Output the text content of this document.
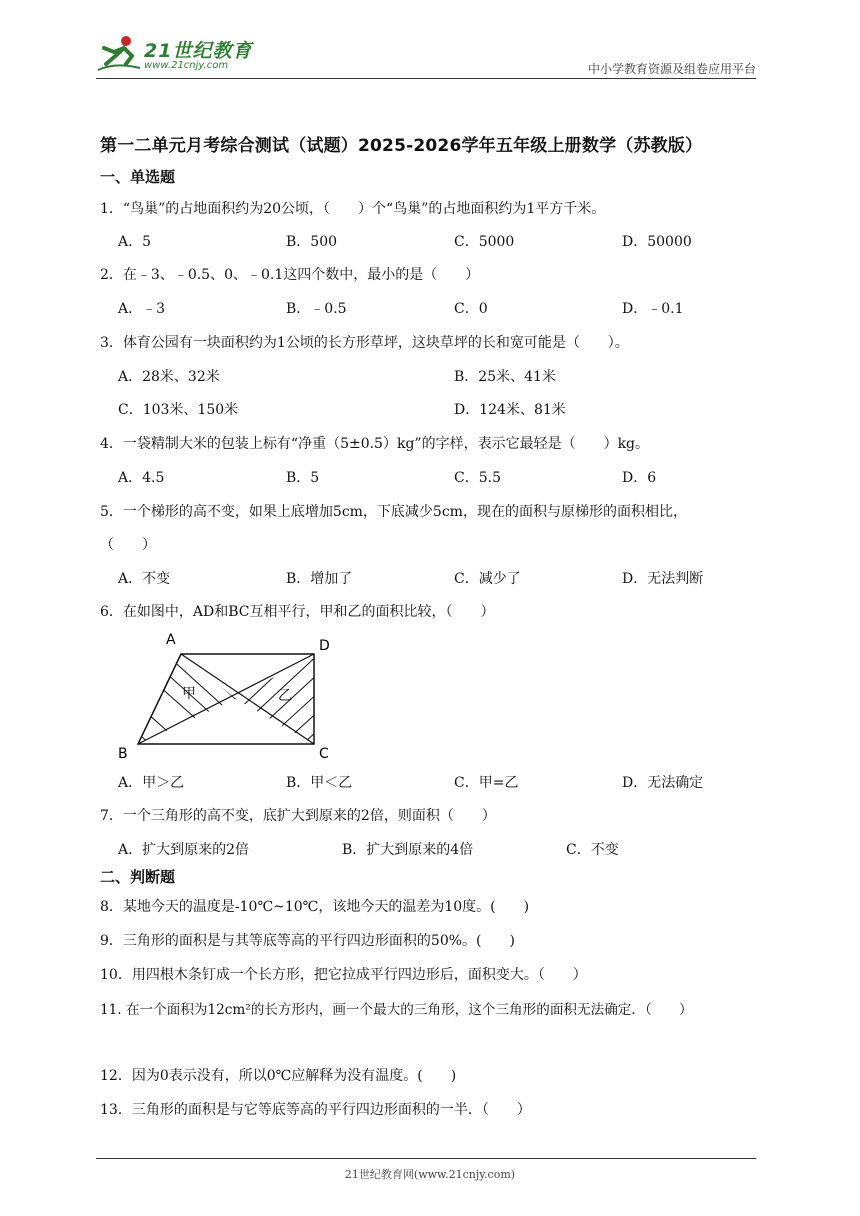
21世纪教育
www.21cnjy.com	中小学教育资源及组卷应用平台
第一二单元月考综合测试（试题）2025-2026学年五年级上册数学（苏教版）
一、单选题
1．“鸟巢”的占地面积约为20公顷，（　　）个“鸟巢”的占地面积约为1平方千米。
A．5	B．500	C．5000	D．50000
2．在﹣3、﹣0.5、0、﹣0.1这四个数中，最小的是（　　）
A．﹣3	B．﹣0.5	C．0	D．﹣0.1
3．体育公园有一块面积约为1公顷的长方形草坪，这块草坪的长和宽可能是（　　）。
A．28米、32米	B．25米、41米
C．103米、150米	D．124米、81米
4．一袋精制大米的包装上标有“净重（5±0.5）kg”的字样，表示它最轻是（　　）kg。
A．4.5	B．5	C．5.5	D．6
5．一个梯形的高不变，如果上底增加5cm，下底减少5cm，现在的面积与原梯形的面积相比，
（　　）
A．不变	B．增加了	C．减少了	D．无法判断
6．在如图中，AD和BC互相平行，甲和乙的面积比较，（　　）
A	D
B	C
甲	乙
A．甲＞乙	B．甲＜乙	C．甲=乙	D．无法确定
7．一个三角形的高不变，底扩大到原来的2倍，则面积（　　）
A．扩大到原来的2倍	B．扩大到原来的4倍	C．不变
二、判断题
8．某地今天的温度是-10℃~10℃，该地今天的温差为10度。(　　)
9．三角形的面积是与其等底等高的平行四边形面积的50%。(　　)
10．用四根木条钉成一个长方形，把它拉成平行四边形后，面积变大。（　　）
11. 在一个面积为12cm²的长方形内，画一个最大的三角形，这个三角形的面积无法确定．（　　）
12．因为0表示没有，所以0℃应解释为没有温度。(　　)
13．三角形的面积是与它等底等高的平行四边形面积的一半．（　　）
21世纪教育网(www.21cnjy.com)
